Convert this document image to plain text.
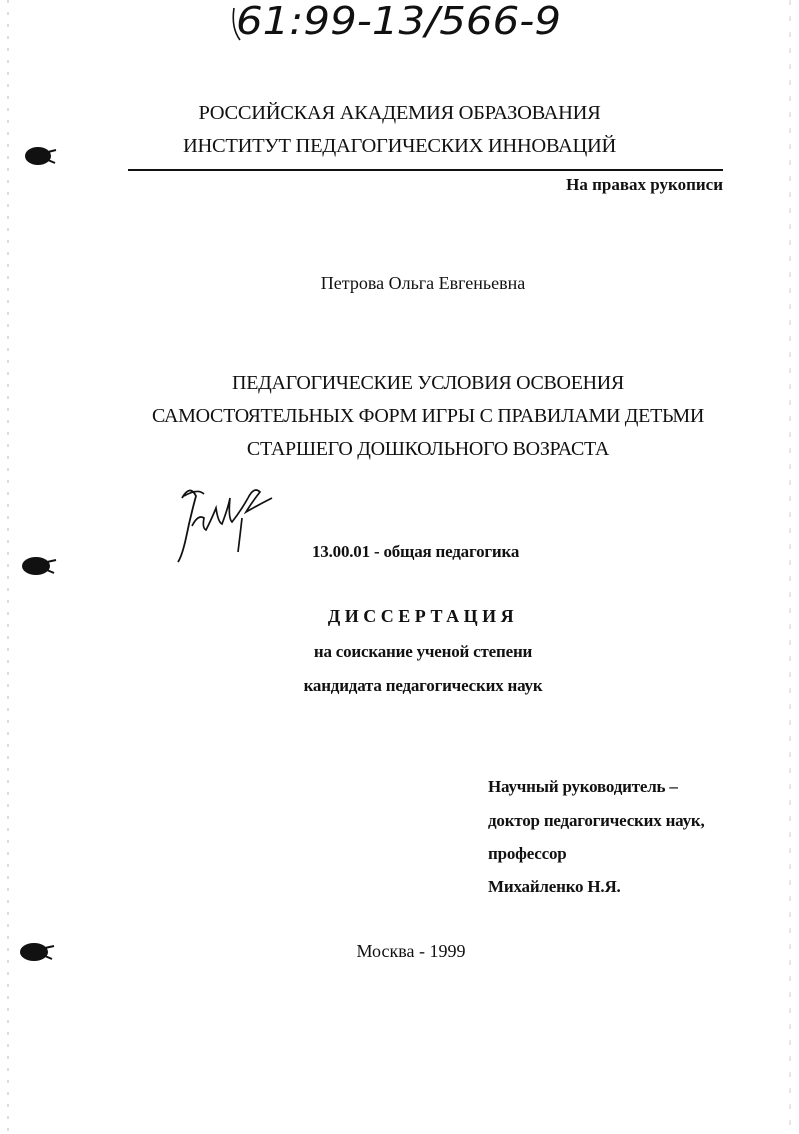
61:99-13/566-9
РОССИЙСКАЯ АКАДЕМИЯ ОБРАЗОВАНИЯ
ИНСТИТУТ ПЕДАГОГИЧЕСКИХ ИННОВАЦИЙ
На правах рукописи
Петрова Ольга Евгеньевна
ПЕДАГОГИЧЕСКИЕ УСЛОВИЯ ОСВОЕНИЯ
САМОСТОЯТЕЛЬНЫХ ФОРМ ИГРЫ С ПРАВИЛАМИ ДЕТЬМИ
СТАРШЕГО ДОШКОЛЬНОГО ВОЗРАСТА
13.00.01 - общая педагогика
ДИССЕРТАЦИЯ
на соискание ученой степени
кандидата педагогических наук
Научный руководитель –
доктор педагогических наук,
профессор
Михайленко Н.Я.
Москва - 1999
